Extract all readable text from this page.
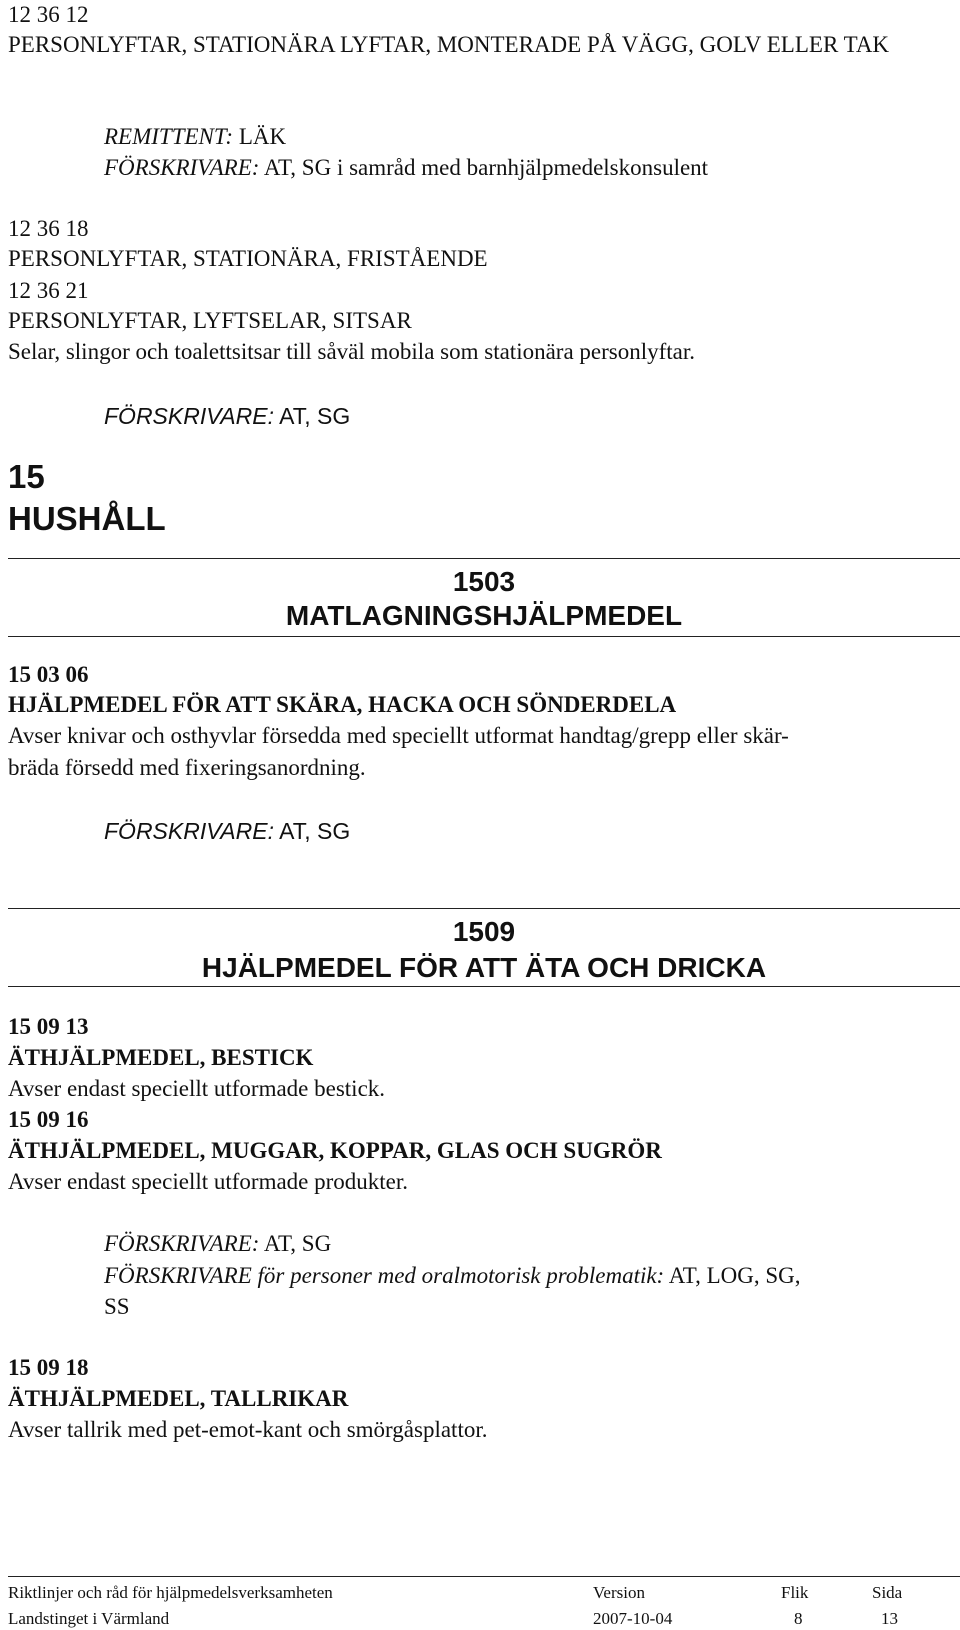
12 36 12
PERSONLYFTAR, STATIONÄRA LYFTAR, MONTERADE PÅ VÄGG, GOLV ELLER TAK
REMITTENT: LÄK
FÖRSKRIVARE: AT, SG i samråd med barnhjälpmedelskonsulent
12 36 18
PERSONLYFTAR, STATIONÄRA, FRISTÅENDE
12 36 21
PERSONLYFTAR, LYFTSELAR, SITSAR
Selar, slingor och toalettsitsar till såväl mobila som stationära personlyftar.
FÖRSKRIVARE: AT, SG
15
HUSHÅLL
1503
MATLAGNINGSHJÄLPMEDEL
15 03 06
HJÄLPMEDEL FÖR ATT SKÄRA, HACKA OCH SÖNDERDELA
Avser knivar och osthyvlar försedda med speciellt utformat handtag/grepp eller skär-
bräda försedd med fixeringsanordning.
FÖRSKRIVARE: AT, SG
1509
HJÄLPMEDEL FÖR ATT ÄTA OCH DRICKA
15 09 13
ÄTHJÄLPMEDEL, BESTICK
Avser endast speciellt utformade bestick.
15 09 16
ÄTHJÄLPMEDEL, MUGGAR, KOPPAR, GLAS OCH SUGRÖR
Avser endast speciellt utformade produkter.
FÖRSKRIVARE: AT, SG
FÖRSKRIVARE för personer med oralmotorisk problematik: AT, LOG, SG,
SS
15 09 18
ÄTHJÄLPMEDEL, TALLRIKAR
Avser tallrik med pet-emot-kant och smörgåsplattor.
Riktlinjer och råd för hjälpmedelsverksamheten
Landstinget i Värmland
Version
2007-10-04
Flik
8
Sida
13
